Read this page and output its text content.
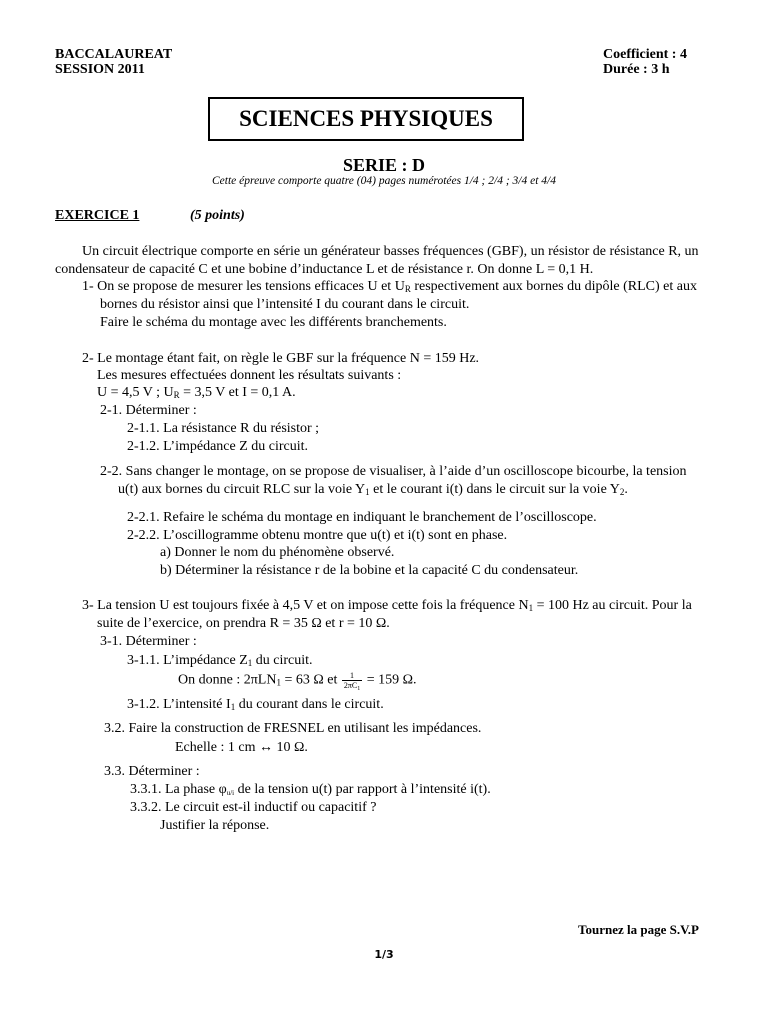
BACCALAUREAT
SESSION 2011
Coefficient : 4
Durée : 3 h
SCIENCES PHYSIQUES
SERIE : D
Cette épreuve comporte quatre (04) pages numérotées 1/4 ; 2/4 ; 3/4 et 4/4
EXERCICE 1	(5 points)
Un circuit électrique comporte en série un générateur basses fréquences (GBF), un résistor de résistance R, un
condensateur de capacité C et une bobine d’inductance L et de résistance r. On donne L = 0,1 H.
1- On se propose de mesurer les tensions efficaces U et $U_R$ respectivement aux bornes du dipôle (RLC) et aux
bornes du résistor ainsi que l’intensité I du courant dans le circuit.
Faire le schéma du montage avec les différents branchements.
2- Le montage étant fait, on règle le GBF sur la fréquence N = 159 Hz.
Les mesures effectuées donnent les résultats suivants :
U = 4,5 V ; $U_R = 3,5$ V et I = 0,1 A.
2-1. Déterminer :
2-1.1. La résistance R du résistor ;
2-1.2. L’impédance Z du circuit.
2-2. Sans changer le montage, on se propose de visualiser, à l’aide d’un oscilloscope bicourbe, la tension
u(t) aux bornes du circuit RLC sur la voie $Y_1$ et le courant i(t) dans le circuit sur la voie $Y_2$.
2-2.1. Refaire le schéma du montage en indiquant le branchement de l’oscilloscope.
2-2.2. L’oscillogramme obtenu montre que u(t) et i(t) sont en phase.
a) Donner le nom du phénomène observé.
b) Déterminer la résistance r de la bobine et la capacité C du condensateur.
3- La tension U est toujours fixée à 4,5 V et on impose cette fois la fréquence $N_1 = 100$ Hz au circuit. Pour la
suite de l’exercice, on prendra R = 35 Ω et r = 10 Ω.
3-1. Déterminer :
3-1.1. L’impédance $Z_1$ du circuit.
On donne : 2πLN$_1$ = 63 Ω et $\frac{1}{2\pi C_1} = 159$ Ω.
3-1.2. L’intensité $I_1$ du courant dans le circuit.
3.2. Faire la construction de FRESNEL en utilisant les impédances.
Echelle : 1 cm ↔ 10 Ω.
3.3. Déterminer :
3.3.1. La phase $\varphi_{u/i}$ de la tension u(t) par rapport à l’intensité i(t).
3.3.2. Le circuit est-il inductif ou capacitif ?
Justifier la réponse.
Tournez la page S.V.P
1/3
